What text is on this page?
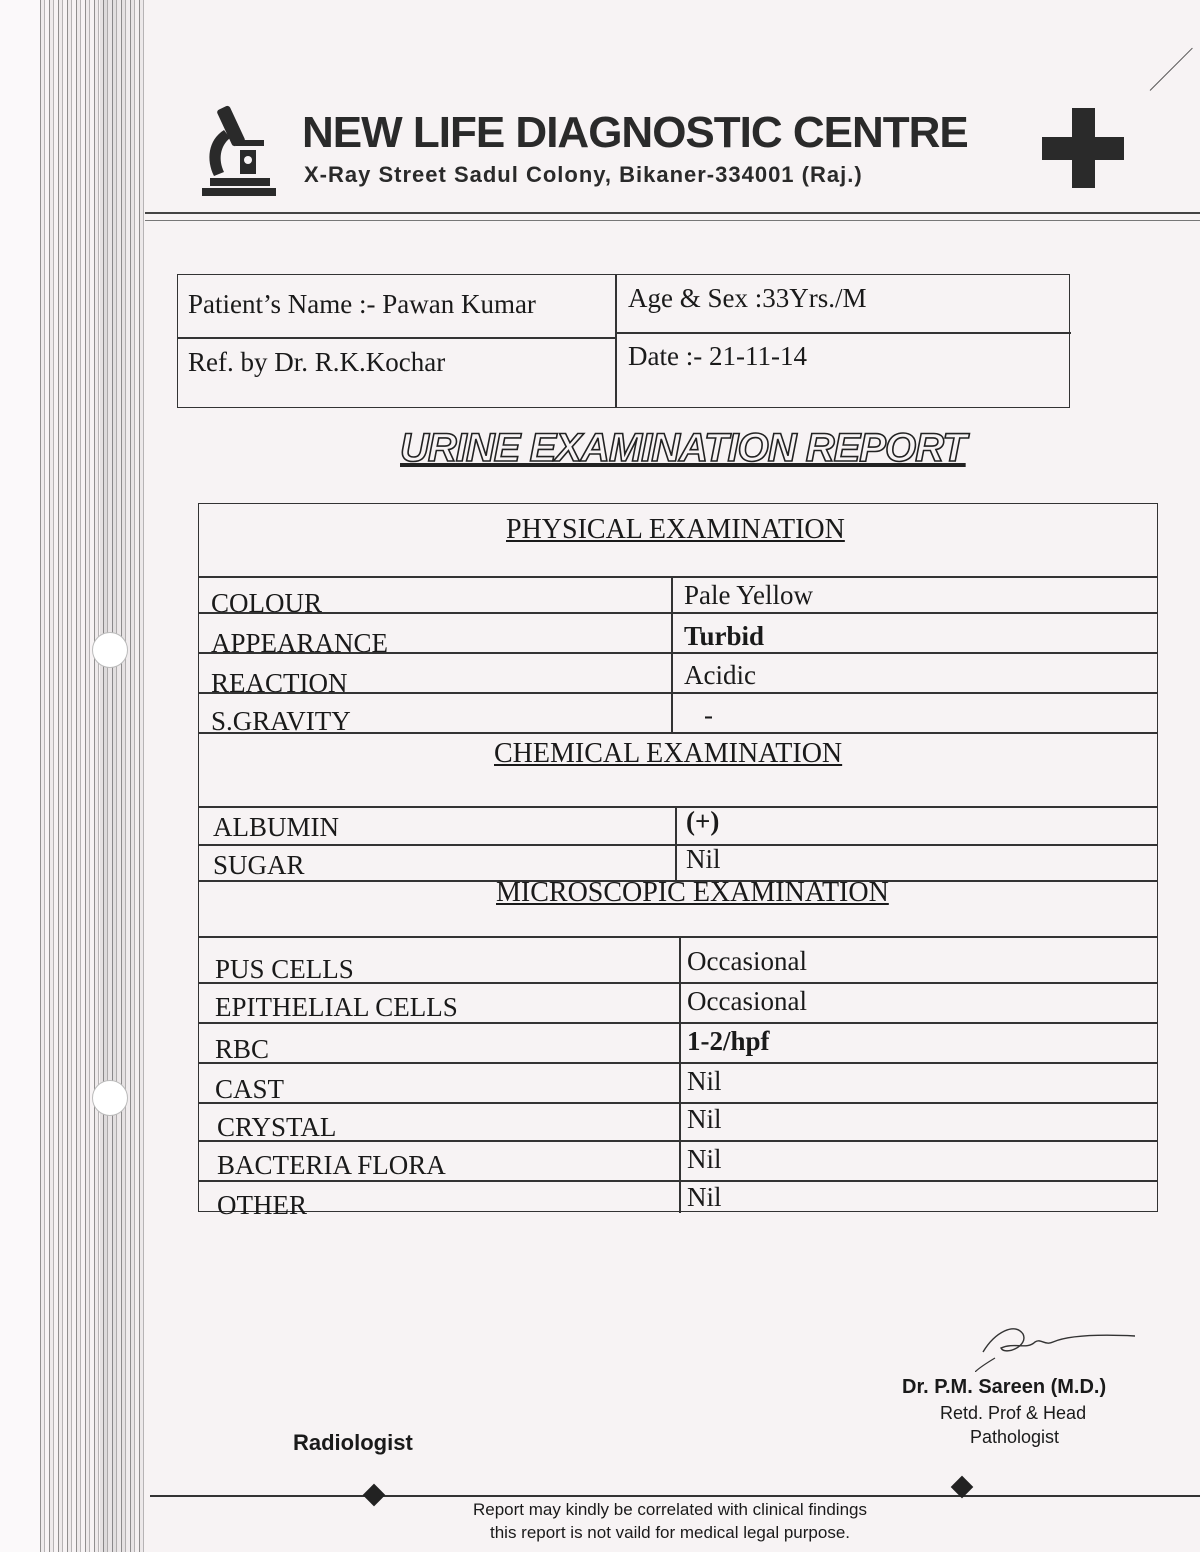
NEW LIFE DIAGNOSTIC CENTRE
X-Ray Street Sadul Colony, Bikaner-334001 (Raj.)
Patient’s Name :- Pawan Kumar	Age & Sex :33Yrs./M
Ref. by Dr. R.K.Kochar	Date :- 21-11-14
URINE EXAMINATION REPORT
PHYSICAL EXAMINATION
COLOUR	Pale Yellow
APPEARANCE	Turbid
REACTION	Acidic
S.GRAVITY	-
CHEMICAL EXAMINATION
ALBUMIN	(+)
SUGAR	Nil
MICROSCOPIC EXAMINATION
PUS CELLS	Occasional
EPITHELIAL CELLS	Occasional
RBC	1-2/hpf
CAST	Nil
CRYSTAL	Nil
BACTERIA FLORA	Nil
OTHER	Nil
Dr. P.M. Sareen (M.D.)
Retd. Prof & Head
Pathologist
Radiologist
Report may kindly be correlated with clinical findings
this report is not vaild for medical legal purpose.
